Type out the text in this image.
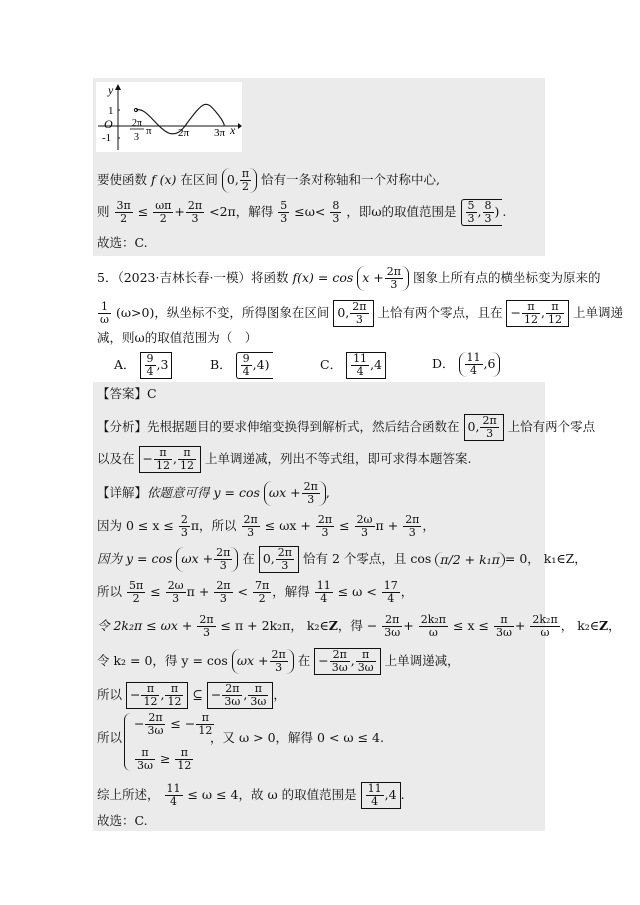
y
1
-1
O	x
2π
3
π 2π 3π
要使函数 f (x) 在区间 0, $\frac{\pi}{2}$ 恰有一条对称轴和一个对称中心,
则 $\frac{3\pi}{2} \le \frac{\omega\pi}{2} + \frac{2\pi}{3} <2\pi$，解得 $\frac{5}{3} \le\omega< \frac{8}{3}$ ，即ω的取值范围是 $\frac{5}{3}$ , $\frac{8}{3}$ ) .
故选：C.
5．（2023·吉林长春·一模）将函数 $f(x) = \cos x + \frac{2\pi}{3}$ 图象上所有点的横坐标变为原来的
$\frac{1}{\omega} (\omega>0)$，纵坐标不变，所得图象在区间 0, $\frac{2\pi}{3}$ 上恰有两个零点，且在 − $\frac{\pi}{12}$ , $\frac{\pi}{12}$ 上单调递
减，则ω的取值范围为（　）
A． $\frac{9}{4} ,3$	B． $\frac{9}{4} ,4$)	C． $\frac{11}{4} ,4$	D． $\frac{11}{4} ,6$
【答案】C
【分析】先根据题目的要求伸缩变换得到解析式，然后结合函数在 0, $\frac{2\pi}{3}$ 上恰有两个零点
以及在 − $\frac{\pi}{12}$ , $\frac{\pi}{12}$ 上单调递减，列出不等式组，即可求得本题答案.
【详解】依题意可得 $y = \cos \omega x + \frac{2\pi}{3}$ ,
因为 $0 \le x \le \frac{2}{3}$ π，所以 $\frac{2\pi}{3} \le \omega x + \frac{2\pi}{3} \le \frac{2\omega}{3}$ $\pi + \frac{2\pi}{3}$ ，
因为 $y = \cos \omega x + \frac{2\pi}{3}$ 在 0, $\frac{2\pi}{3}$ 恰有 2 个零点，且 cos π/2 + k₁π = 0， k₁∈Z，
所以 $\frac{5\pi}{2} \le \frac{2\omega}{3}$ $\pi + \frac{2\pi}{3} < \frac{7\pi}{2}$ ，解得 $\frac{11}{4} \le \omega < \frac{17}{4}$ ，
令 $2k_2\pi \le \omega x + \frac{2\pi}{3} \le \pi + 2k_2\pi$， k₂∈Z，得 − $\frac{2\pi}{3\omega} + \frac{\text{2k₂π}}{\omega} \le x \le \frac{\pi}{3\omega} + \frac{\text{2k₂π}}{\omega}$ ， k₂∈Z，
令 k₂ = 0，得 $y = \cos \omega x + \frac{2\pi}{3}$ 在 − $\frac{2\pi}{3\omega}$ , $\frac{\pi}{3\omega}$ 上单调递减，
所以 − $\frac{\pi}{12}$ , $\frac{\pi}{12}$ ⊆ − $\frac{2\pi}{3\omega}$ , $\frac{\pi}{3\omega}$ ，
所以
− $\frac{2\pi}{3\omega}$ ≤ − $\frac{\pi}{12}$
$\frac{\pi}{3\omega} \ge \frac{\pi}{12}$
，又 ω > 0，解得 0 < ω ≤ 4.
综上所述， $\frac{11}{4} \le \omega \le 4$，故 ω 的取值范围是 $\frac{11}{4} ,4$ .
故选：C.
